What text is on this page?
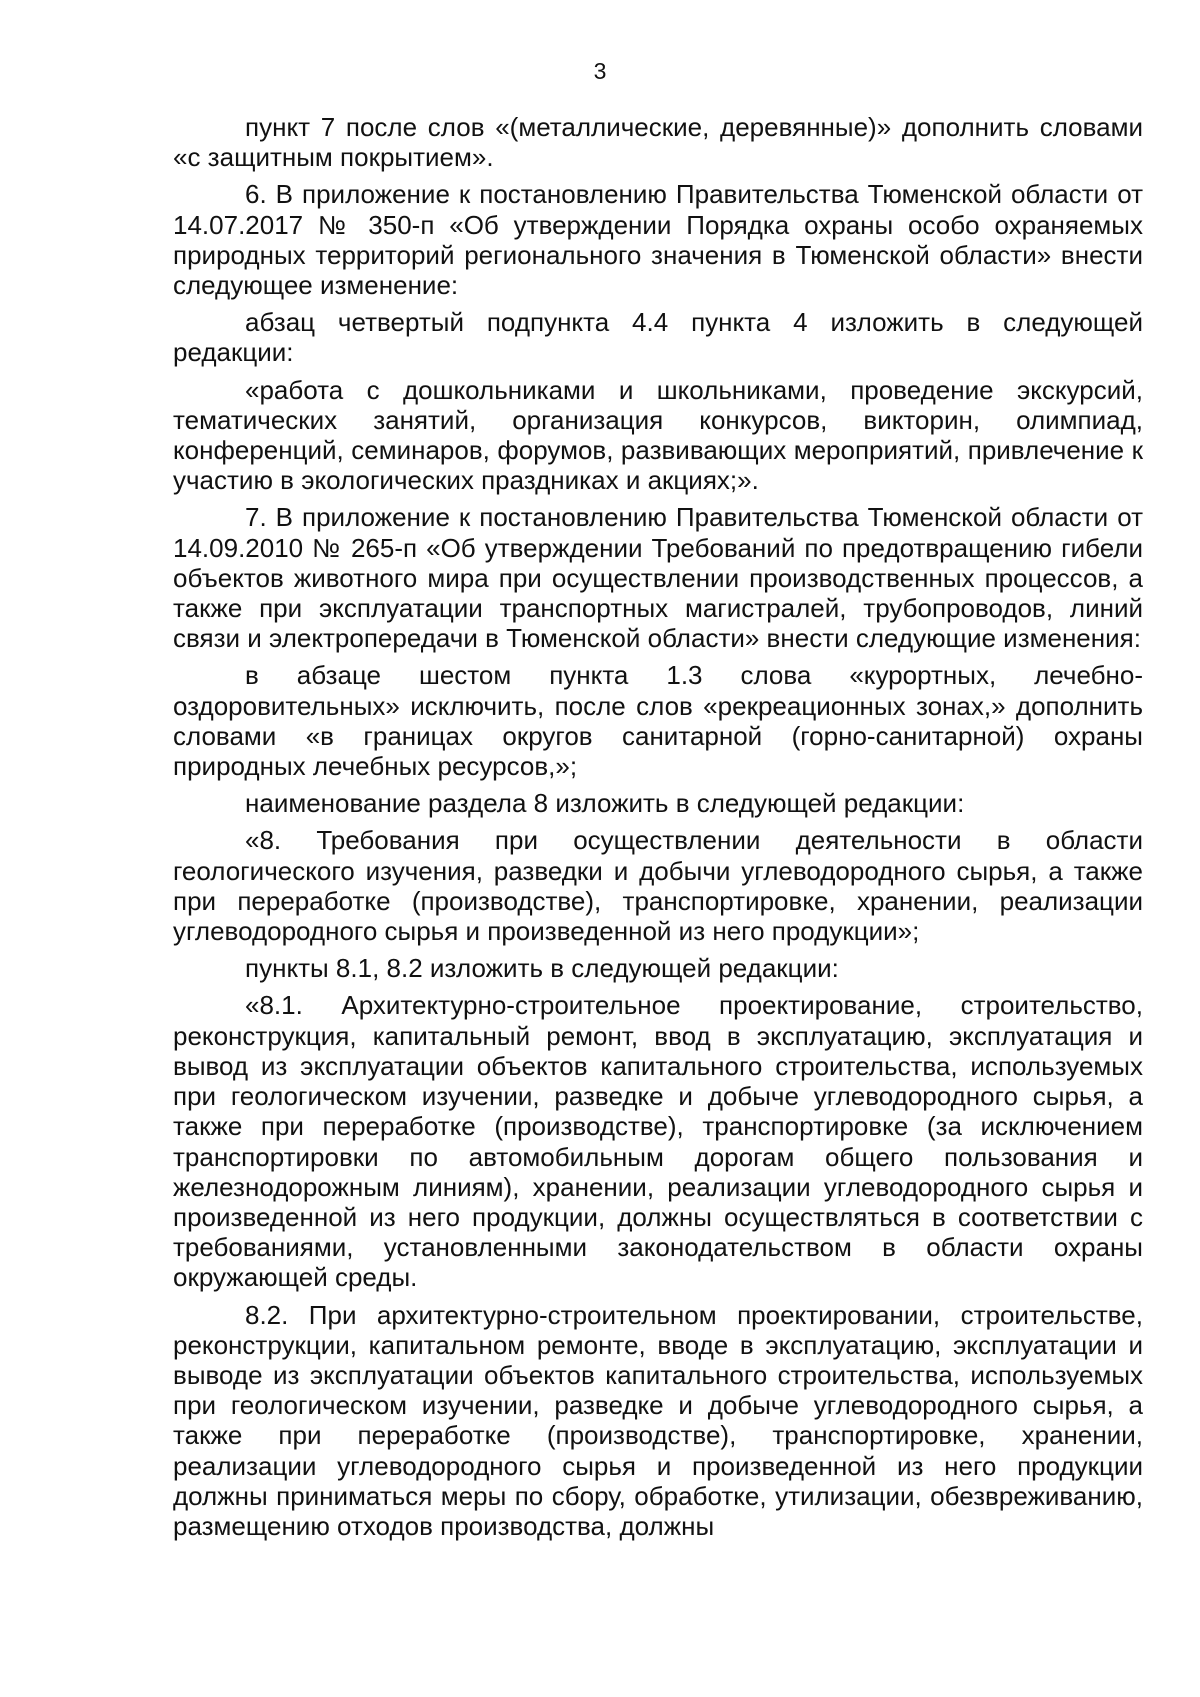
3

пункт 7 после слов «(металлические, деревянные)» дополнить словами «с защитным покрытием».

6. В приложение к постановлению Правительства Тюменской области от 14.07.2017 № 350-п «Об утверждении Порядка охраны особо охраняемых природных территорий регионального значения в Тюменской области» внести следующее изменение:

абзац четвертый подпункта 4.4 пункта 4 изложить в следующей редакции:

«работа с дошкольниками и школьниками, проведение экскурсий, тематических занятий, организация конкурсов, викторин, олимпиад, конференций, семинаров, форумов, развивающих мероприятий, привлечение к участию в экологических праздниках и акциях;».

7. В приложение к постановлению Правительства Тюменской области от 14.09.2010 № 265-п «Об утверждении Требований по предотвращению гибели объектов животного мира при осуществлении производственных процессов, а также при эксплуатации транспортных магистралей, трубопроводов, линий связи и электропередачи в Тюменской области» внести следующие изменения:

в абзаце шестом пункта 1.3 слова «курортных, лечебно-оздоровительных» исключить, после слов «рекреационных зонах,» дополнить словами «в границах округов санитарной (горно-санитарной) охраны природных лечебных ресурсов,»;

наименование раздела 8 изложить в следующей редакции:

«8. Требования при осуществлении деятельности в области геологического изучения, разведки и добычи углеводородного сырья, а также при переработке (производстве), транспортировке, хранении, реализации углеводородного сырья и произведенной из него продукции»;

пункты 8.1, 8.2 изложить в следующей редакции:

«8.1. Архитектурно-строительное проектирование, строительство, реконструкция, капитальный ремонт, ввод в эксплуатацию, эксплуатация и вывод из эксплуатации объектов капитального строительства, используемых при геологическом изучении, разведке и добыче углеводородного сырья, а также при переработке (производстве), транспортировке (за исключением транспортировки по автомобильным дорогам общего пользования и железнодорожным линиям), хранении, реализации углеводородного сырья и произведенной из него продукции, должны осуществляться в соответствии с требованиями, установленными законодательством в области охраны окружающей среды.

8.2. При архитектурно-строительном проектировании, строительстве, реконструкции, капитальном ремонте, вводе в эксплуатацию, эксплуатации и выводе из эксплуатации объектов капитального строительства, используемых при геологическом изучении, разведке и добыче углеводородного сырья, а также при переработке (производстве), транспортировке, хранении, реализации углеводородного сырья и произведенной из него продукции должны приниматься меры по сбору, обработке, утилизации, обезвреживанию, размещению отходов производства, должны
